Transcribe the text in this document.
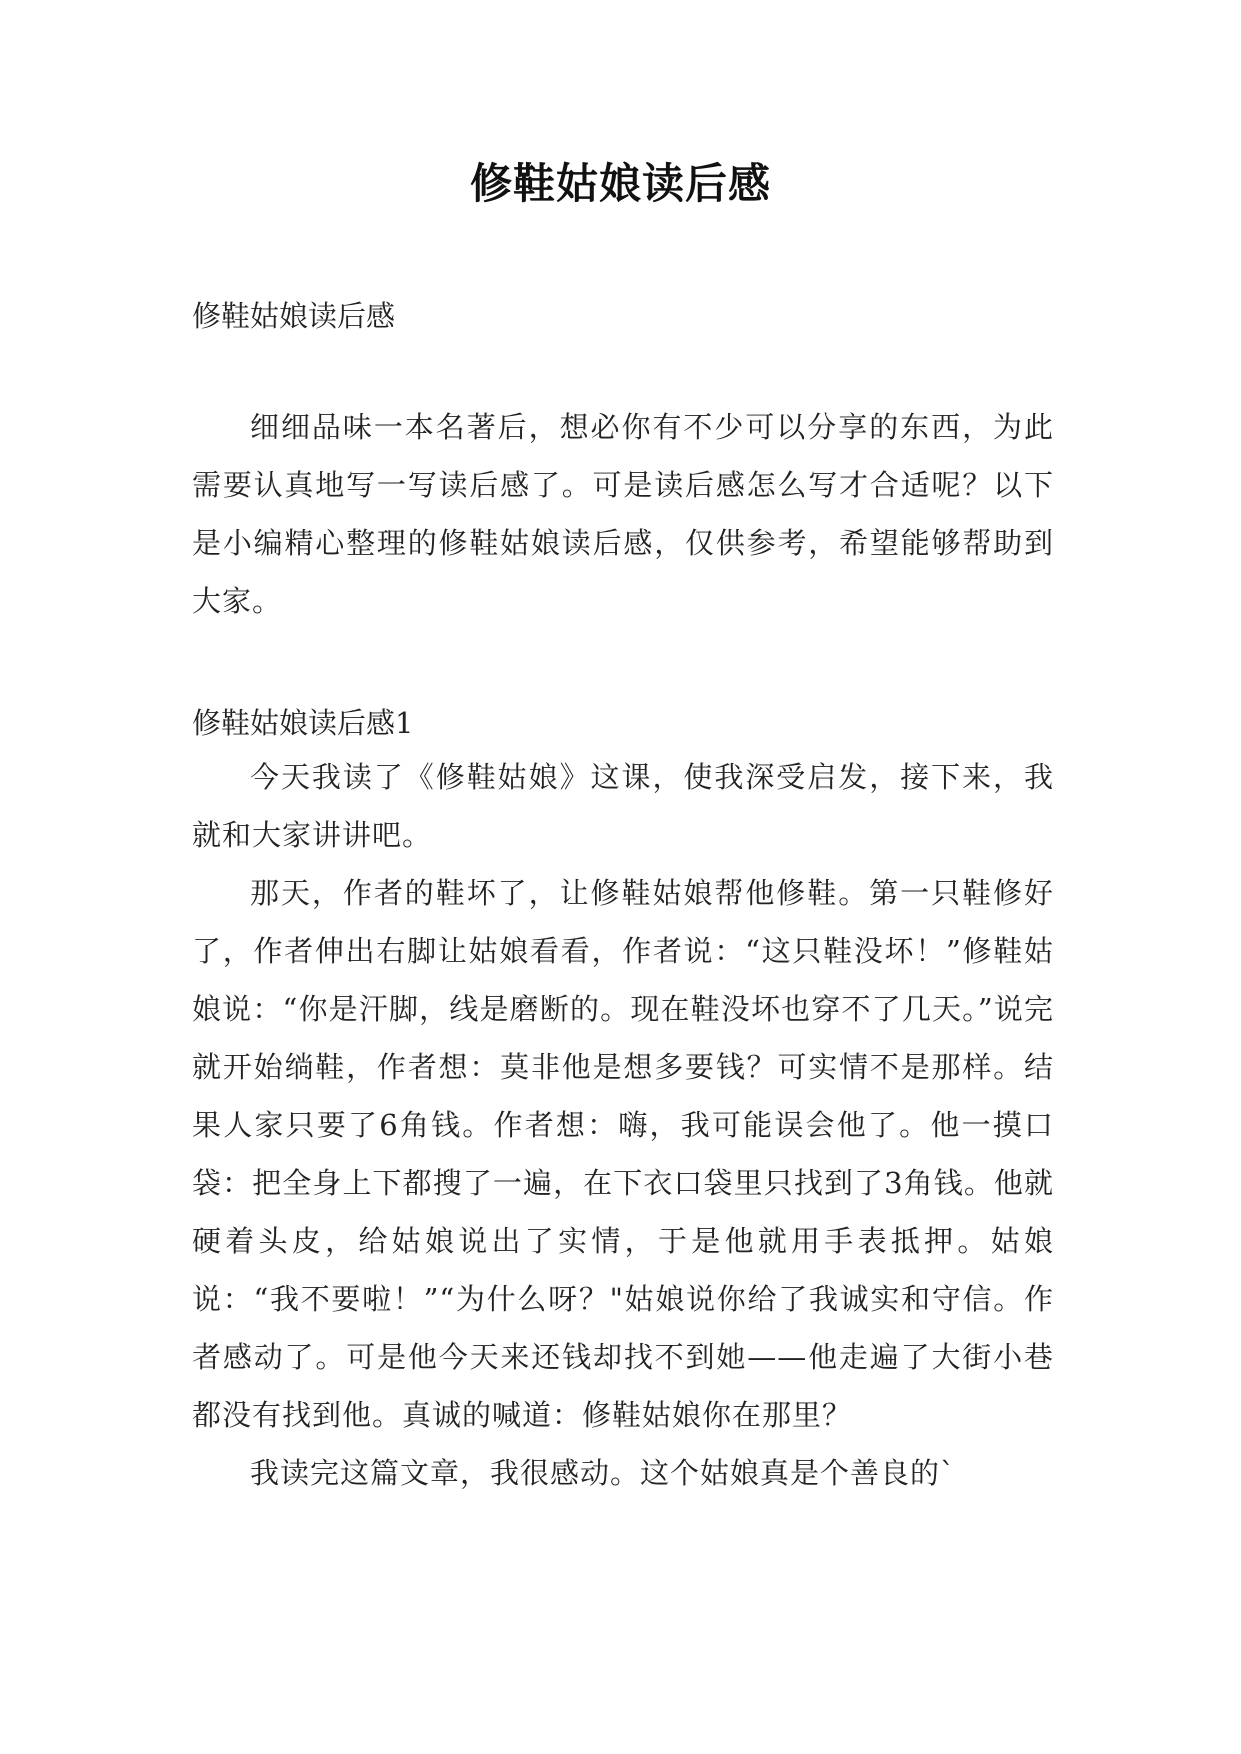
修鞋姑娘读后感
修鞋姑娘读后感

细细品味一本名著后，想必你有不少可以分享的东西，为此需要认真地写一写读后感了。可是读后感怎么写才合适呢？以下是小编精心整理的修鞋姑娘读后感，仅供参考，希望能够帮助到大家。

修鞋姑娘读后感1

今天我读了《修鞋姑娘》这课，使我深受启发，接下来，我就和大家讲讲吧。

那天，作者的鞋坏了，让修鞋姑娘帮他修鞋。第一只鞋修好了，作者伸出右脚让姑娘看看，作者说：“这只鞋没坏！”修鞋姑娘说：“你是汗脚，线是磨断的。现在鞋没坏也穿不了几天。”说完就开始绱鞋，作者想：莫非他是想多要钱？可实情不是那样。结果人家只要了6角钱。作者想：嗨，我可能误会他了。他一摸口袋：把全身上下都搜了一遍，在下衣口袋里只找到了3角钱。他就硬着头皮，给姑娘说出了实情，于是他就用手表抵押。姑娘说：“我不要啦！”“为什么呀？"姑娘说你给了我诚实和守信。作者感动了。可是他今天来还钱却找不到她——他走遍了大街小巷都没有找到他。真诚的喊道：修鞋姑娘你在那里？

我读完这篇文章，我很感动。这个姑娘真是个善良的`
